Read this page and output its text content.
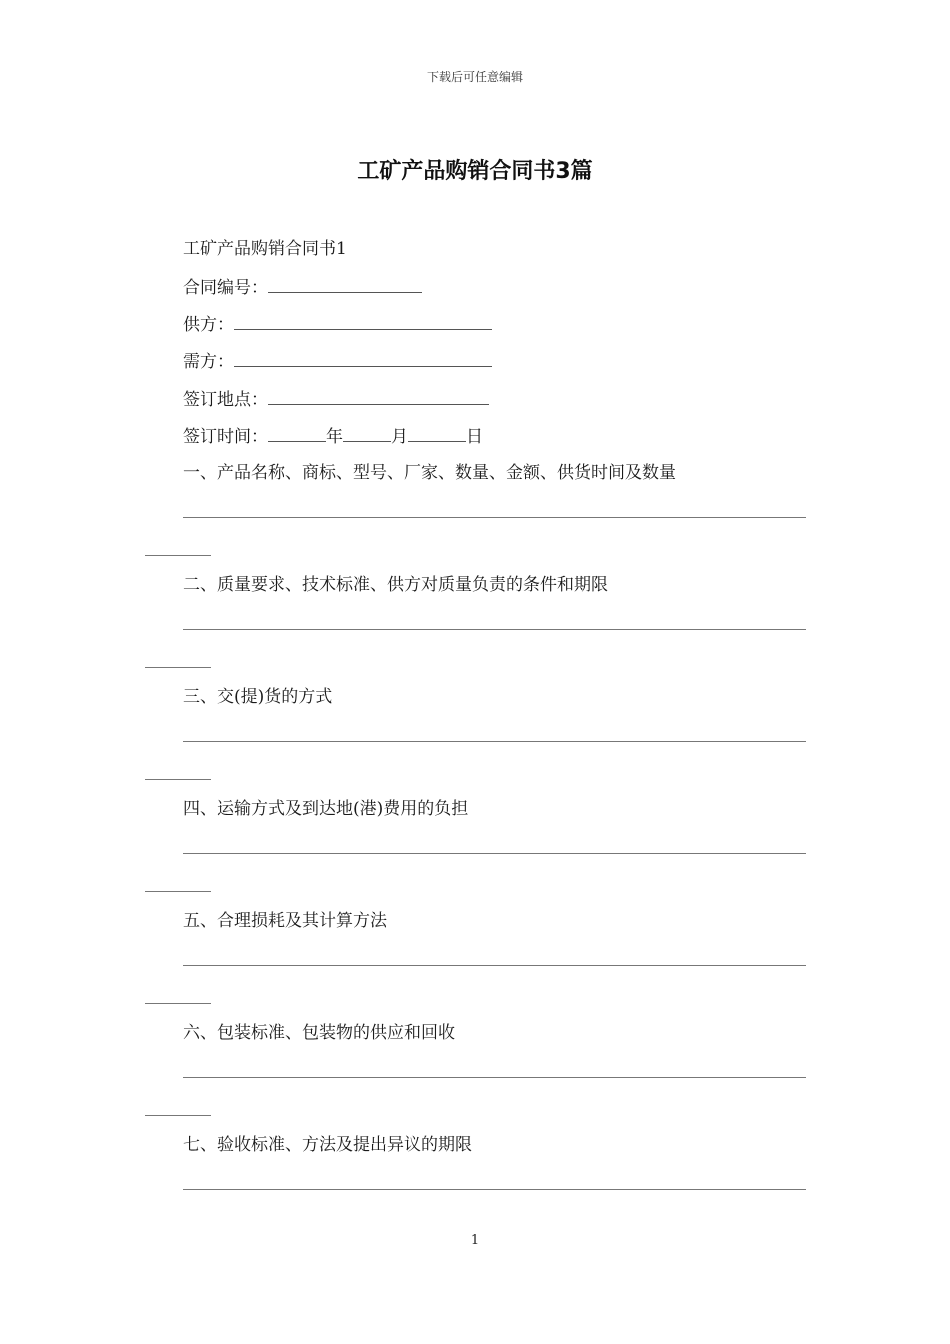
下载后可任意编辑
工矿产品购销合同书3篇
工矿产品购销合同书1
合同编号：
供方：
需方：
签订地点：
签订时间：	年	月	日
一、产品名称、商标、型号、厂家、数量、金额、供货时间及数量
二、质量要求、技术标准、供方对质量负责的条件和期限
三、交(提)货的方式
四、运输方式及到达地(港)费用的负担
五、合理损耗及其计算方法
六、包装标准、包装物的供应和回收
七、验收标准、方法及提出异议的期限
1
